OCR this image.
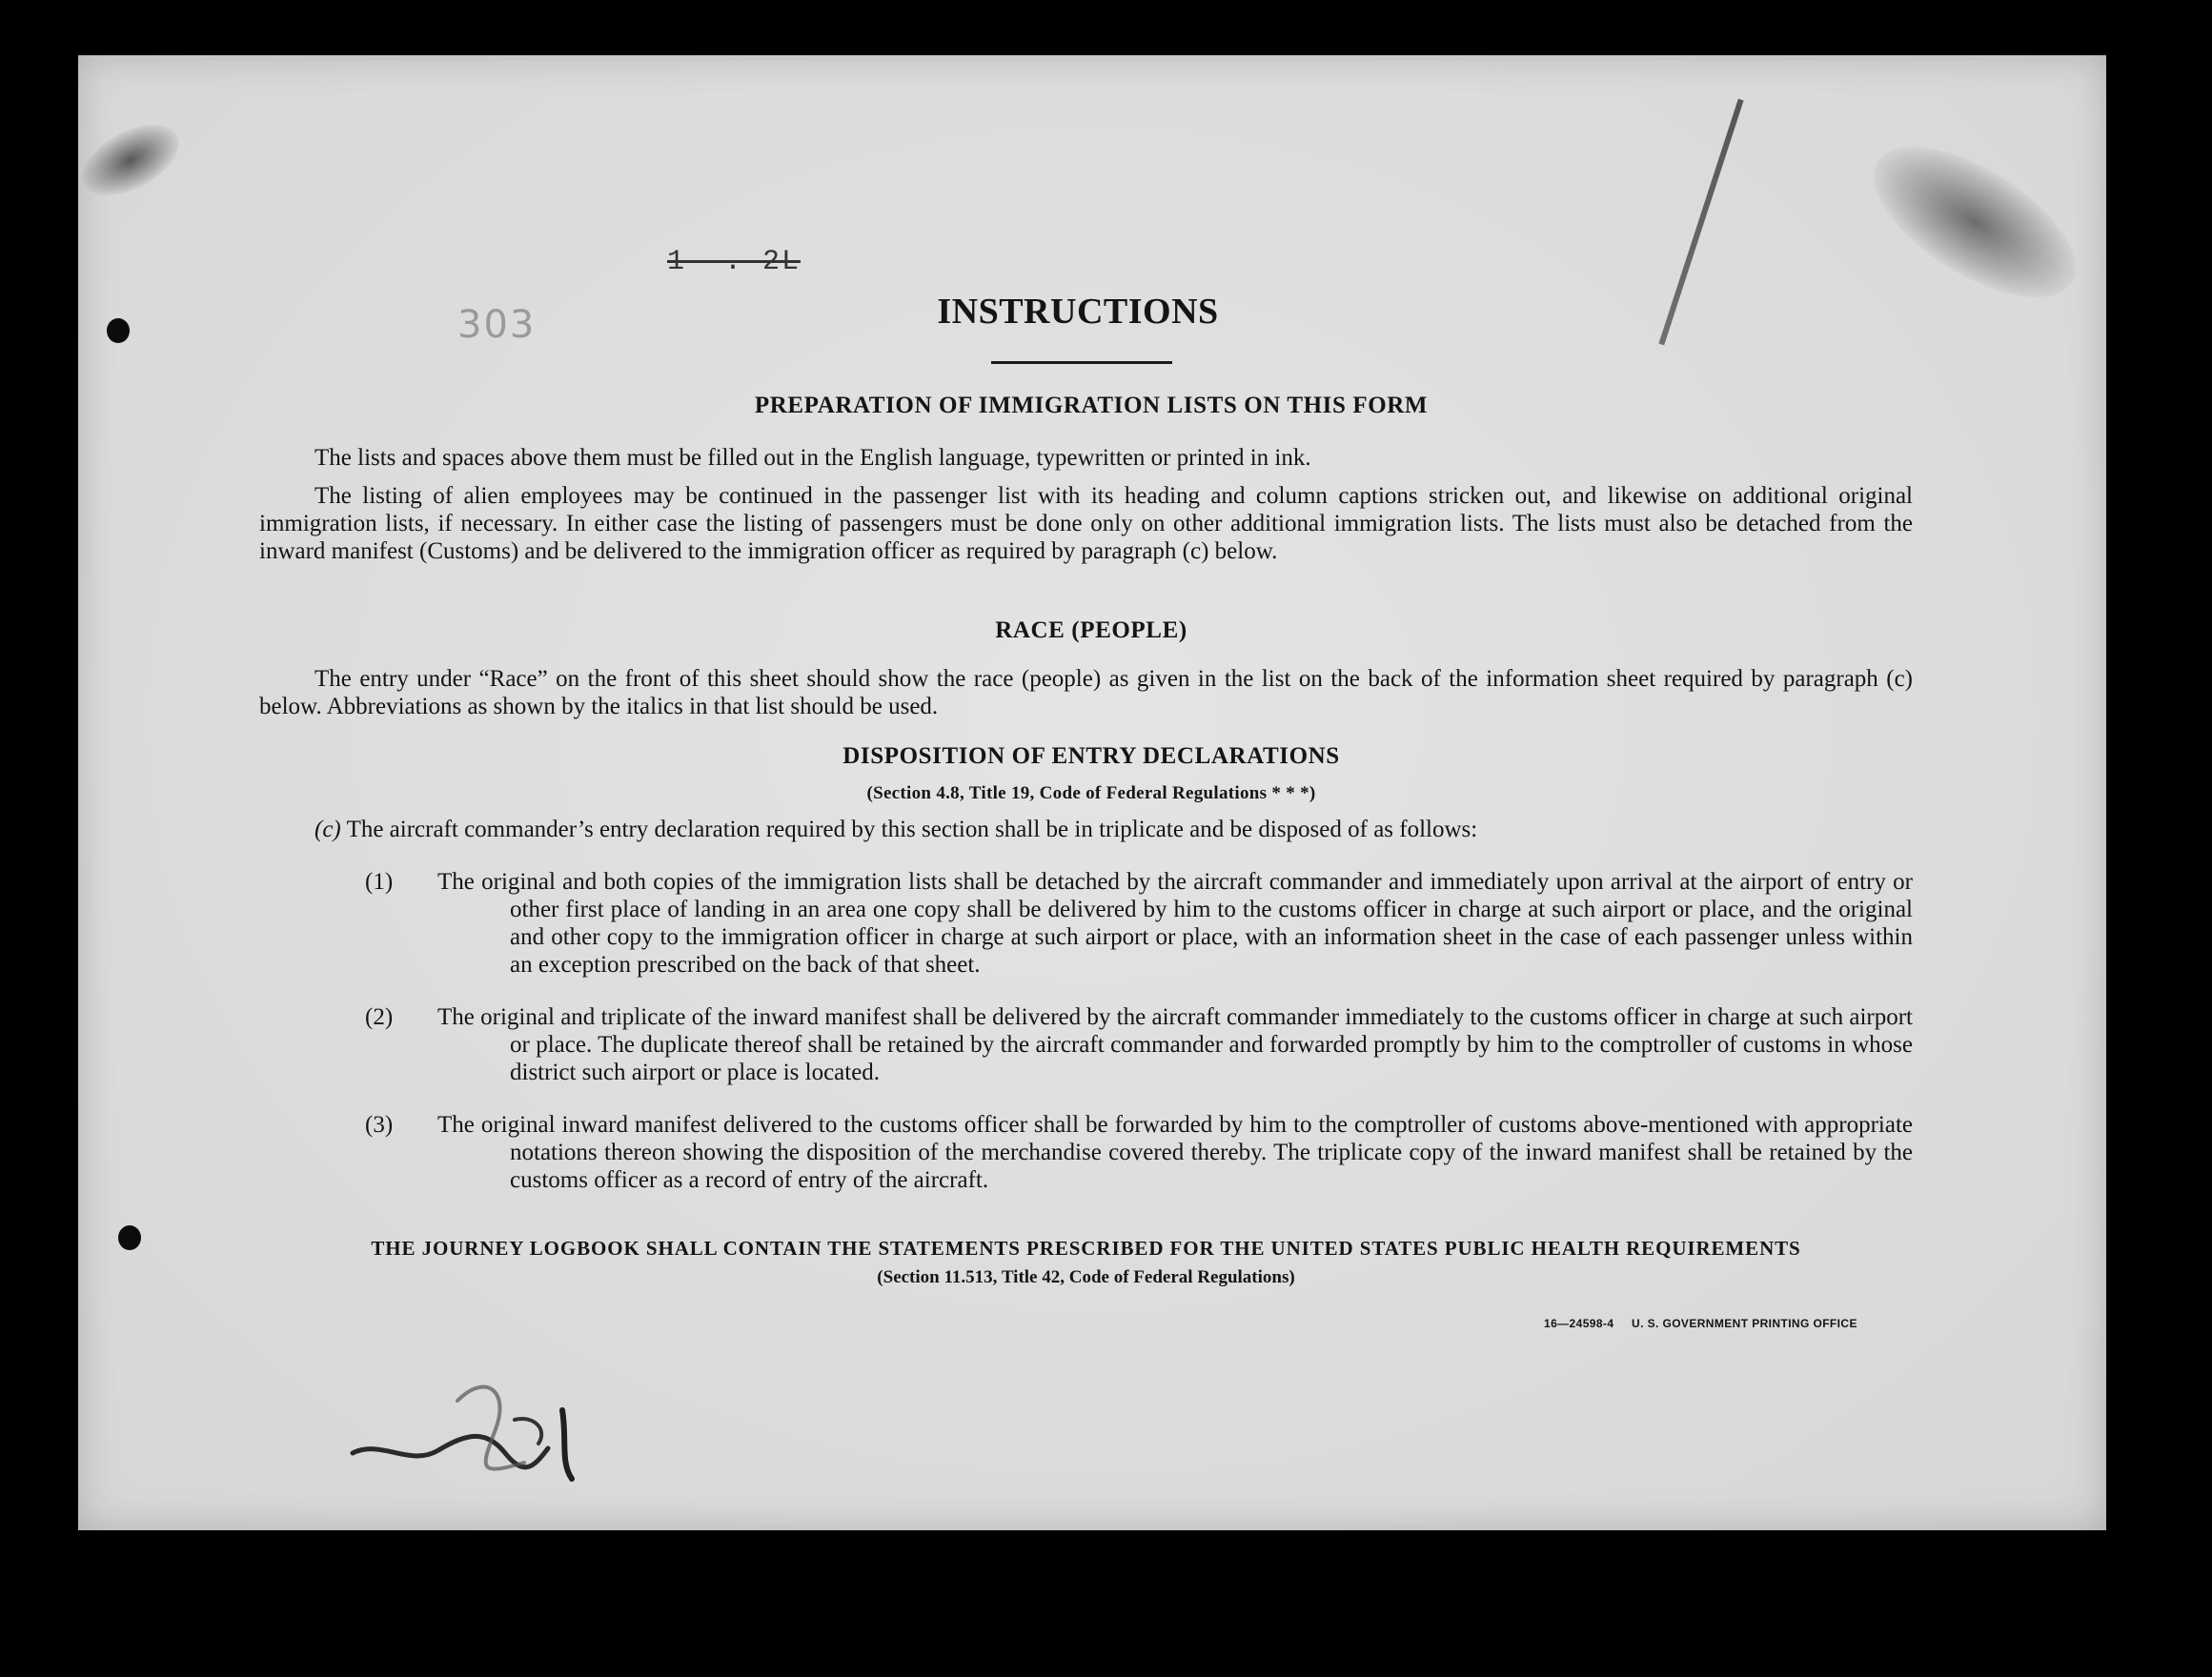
1- . 2L
303	INSTRUCTIONS
PREPARATION OF IMMIGRATION LISTS ON THIS FORM
The lists and spaces above them must be filled out in the English language, typewritten or printed in ink.
The listing of alien employees may be continued in the passenger list with its heading and column captions stricken out, and likewise on additional original immigration lists, if necessary. In either case the listing of passengers must be done only on other additional immigration lists. The lists must also be detached from the inward manifest (Customs) and be delivered to the immigration officer as required by paragraph (c) below.
RACE (PEOPLE)
The entry under “Race” on the front of this sheet should show the race (people) as given in the list on the back of the information sheet required by paragraph (c) below. Abbreviations as shown by the italics in that list should be used.
DISPOSITION OF ENTRY DECLARATIONS
(Section 4.8, Title 19, Code of Federal Regulations * * *)
(c) The aircraft commander’s entry declaration required by this section shall be in triplicate and be disposed of as follows:
(1) The original and both copies of the immigration lists shall be detached by the aircraft commander and immediately upon arrival at the airport of entry or other first place of landing in an area one copy shall be delivered by him to the customs officer in charge at such airport or place, and the original and other copy to the immigration officer in charge at such airport or place, with an information sheet in the case of each passenger unless within an exception prescribed on the back of that sheet.
(2) The original and triplicate of the inward manifest shall be delivered by the aircraft commander immediately to the customs officer in charge at such airport or place. The duplicate thereof shall be retained by the aircraft commander and forwarded promptly by him to the comptroller of customs in whose district such airport or place is located.
(3) The original inward manifest delivered to the customs officer shall be forwarded by him to the comptroller of customs above-mentioned with appropriate notations thereon showing the disposition of the merchandise covered thereby. The triplicate copy of the inward manifest shall be retained by the customs officer as a record of entry of the aircraft.
THE JOURNEY LOGBOOK SHALL CONTAIN THE STATEMENTS PRESCRIBED FOR THE UNITED STATES PUBLIC HEALTH REQUIREMENTS
(Section 11.513, Title 42, Code of Federal Regulations)
16—24598-4     U. S. GOVERNMENT PRINTING OFFICE
